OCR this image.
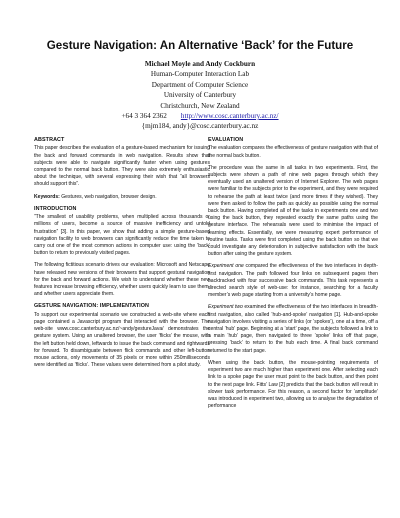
Gesture Navigation: An Alternative ‘Back’ for the Future
Michael Moyle and Andy Cockburn
Human-Computer Interaction Lab
Department of Computer Science
University of Canterbury
Christchurch, New Zealand
+64 3 364 2362 http://www.cosc.canterbury.ac.nz/
{mjm184, andy}@cosc.canterbury.ac.nz
ABSTRACT
This paper describes the evaluation of a gesture-based mechanism for issuing the back and forward commands in web navigation. Results show that subjects were able to navigate significantly faster when using gestures compared to the normal back button. They were also extremely enthusiastic about the technique, with several expressing their wish that “all browsers should support this”.
Keywords: Gestures, web navigation, browser design.
INTRODUCTION
“The smallest of usability problems, when multiplied across thousands or millions of users, become a source of massive inefficiency and untold frustration” [3]. In this paper, we show that adding a simple gesture-based navigation facility to web browsers can significantly reduce the time taken to carry out one of the most common actions in computer use: using the ‘back’ button to return to previously visited pages.
The following fictitious scenario drives our evaluation: Microsoft and Netscape have released new versions of their browsers that support gestural navigation for the back and forward actions. We wish to understand whether these new features increase browsing efficiency, whether users quickly learn to use them, and whether users appreciate them.
GESTURE NAVIGATION: IMPLEMENTATION
To support our experimental scenario we constructed a web-site where each page contained a Javascript program that interacted with the browser. The web-site www.cosc.canterbury.ac.nz/~andy/gestureJava/ demonstrates the gesture system. Using an unaltered browser, the user ‘flicks’ the mouse, with the left button held down, leftwards to issue the back command and rightwards for forward. To disambiguate between flick commands and other left-button mouse actions, only movements of 35 pixels or more within 250milliseconds were identified as ‘flicks’. These values were determined from a pilot study.
EVALUATION
The evaluation compares the effectiveness of gesture navigation with that of the normal back button.
The procedure was the same in all tasks in two experiments. First, the subjects were shown a path of nine web pages through which they eventually used an unaltered version of Internet Explorer. The web pages were familiar to the subjects prior to the experiment, and they were required to rehearse the path at least twice (and more times if they wished). They were then asked to follow the path as quickly as possible using the normal back button. Having completed all of the tasks in experiments one and two using the back button, they repeated exactly the same paths using the gesture interface. The rehearsals were used to minimise the impact of learning effects. Essentially, we were measuring expert performance of routine tasks. Tasks were first completed using the back button so that we could investigate any deterioration in subjective satisfaction with the back button after using the gesture system.
Experiment one compared the effectiveness of the two interfaces in depth-first navigation. The path followed four links on subsequent pages then backtracked with four successive back commands. This task represents a directed search style of web-use: for instance, searching for a faculty member’s web page starting from a university’s home page.
Experiment two examined the effectiveness of the two interfaces in breadth-first navigation, also called ‘hub-and-spoke’ navigation [1]. Hub-and-spoke navigation involves visiting a series of links (or ‘spokes’), one at a time, off a central ‘hub’ page. Beginning at a ‘start’ page, the subjects followed a link to a main ‘hub’ page, then navigated to three ‘spoke’ links off that page, pressing ‘back’ to return to the hub each time. A final back command returned to the start page.
When using the back button, the mouse-pointing requirements of experiment two are much higher than experiment one. After selecting each link to a spoke page the user must point to the back button, and then point to the next page link. Fitts’ Law [2] predicts that the back button will result in slower task performance. For this reason, a second factor for ‘amplitude’ was introduced in experiment two, allowing us to analyse the degradation of performance
